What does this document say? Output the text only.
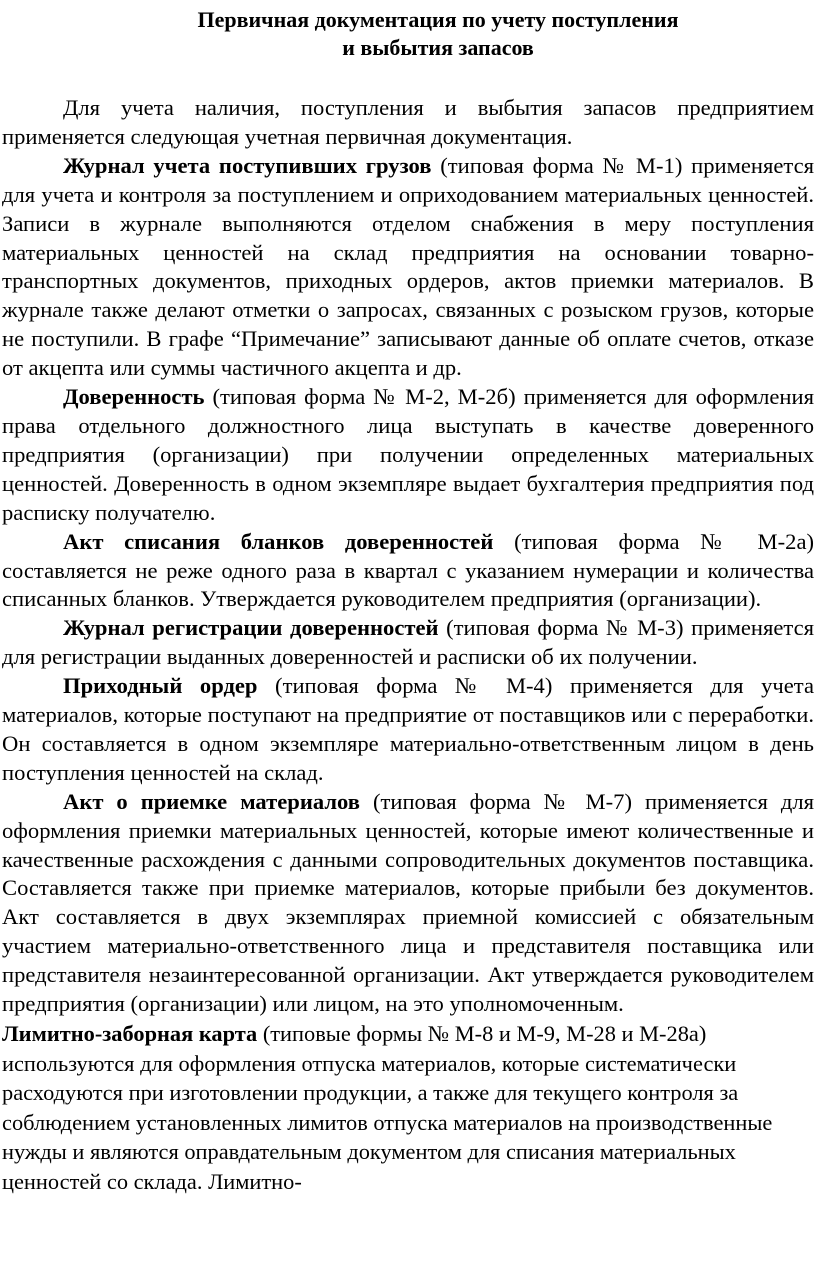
Первичная документация по учету поступления
и выбытия запасов

Для учета наличия, поступления и выбытия запасов предприятием применяется следующая учетная первичная документация.

Журнал учета поступивших грузов (типовая форма № М-1) применяется для учета и контроля за поступлением и оприходованием материальных ценностей. Записи в журнале выполняются отделом снабжения в меру поступления материальных ценностей на склад предприятия на основании товарно-транспортных документов, приходных ордеров, актов приемки материалов. В журнале также делают отметки о запросах, связанных с розыском грузов, которые не поступили. В графе “Примечание” записывают данные об оплате счетов, отказе от акцепта или суммы частичного акцепта и др.

Доверенность (типовая форма № М-2, М-2б) применяется для оформления права отдельного должностного лица выступать в качестве доверенного предприятия (организации) при получении определенных материальных ценностей. Доверенность в одном экземпляре выдает бухгалтерия предприятия под расписку получателю.

Акт списания бланков доверенностей (типовая форма № М-2а) составляется не реже одного раза в квартал с указанием нумерации и количества списанных бланков. Утверждается руководителем предприятия (организации).

Журнал регистрации доверенностей (типовая форма № М-3) применяется для регистрации выданных доверенностей и расписки об их получении.

Приходный ордер (типовая форма № М-4) применяется для учета материалов, которые поступают на предприятие от поставщиков или с переработки. Он составляется в одном экземпляре материально-ответственным лицом в день поступления ценностей на склад.

Акт о приемке материалов (типовая форма № М-7) применяется для оформления приемки материальных ценностей, которые имеют количественные и качественные расхождения с данными сопроводительных документов поставщика. Составляется также при приемке материалов, которые прибыли без документов. Акт составляется в двух экземплярах приемной комиссией с обязательным участием материально-ответственного лица и представителя поставщика или представителя незаинтересованной организации. Акт утверждается руководителем предприятия (организации) или лицом, на это уполномоченным.

Лимитно-заборная карта (типовые формы № М-8 и М-9, М-28 и М-28а) используются для оформления отпуска материалов, которые систематически расходуются при изготовлении продукции, а также для текущего контроля за соблюдением установленных лимитов отпуска материалов на производственные нужды и являются оправдательным документом для списания материальных ценностей со склада. Лимитно-
